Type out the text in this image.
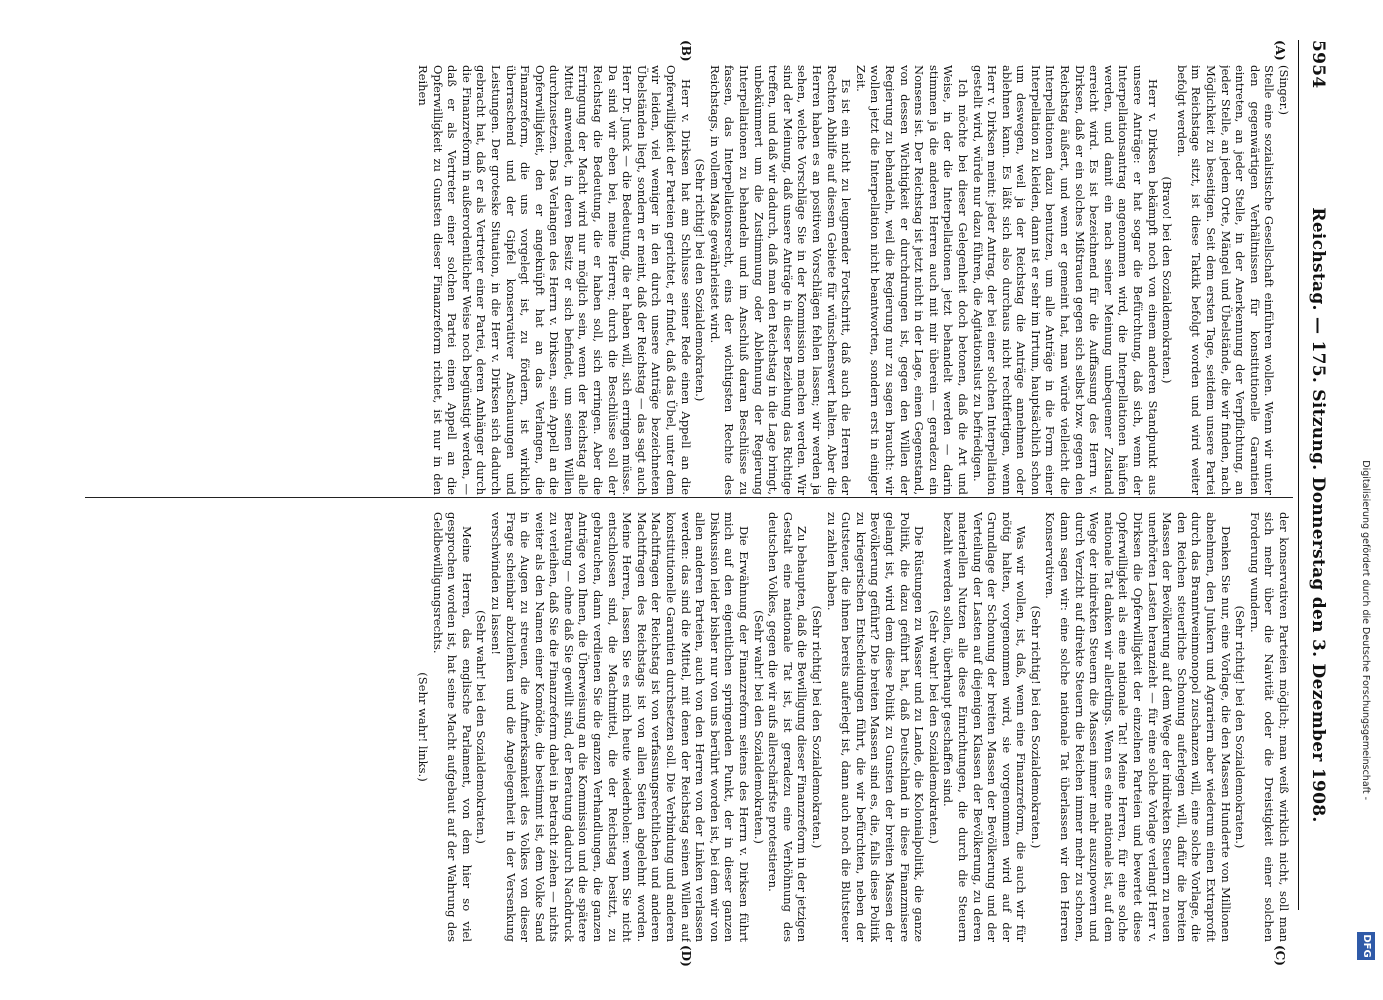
Digitalisierung gefördert durch die Deutsche Forschungsgemeinschaft -
DFG
5954
Reichstag. — 175. Sitzung. Donnerstag den 3. Dezember 1908.
(A)
(B)
(C)
(D)

(Singer.)

Stelle eine sozialistische Gesellschaft einführen wollen. Wenn wir unter den gegenwärtigen Verhältnissen für konstitutionelle Garantien eintreten, an jeder Stelle, in der Anerkennung der Verpflichtung, an jeder Stelle, an jedem Orte, Mängel und Übelstände, die wir finden, nach Möglichkeit zu beseitigen. Seit dem ersten Tage, seitdem unsere Partei im Reichstage sitzt, ist diese Taktik befolgt worden und wird weiter befolgt werden.

(Bravo! bei den Sozialdemokraten.)

Herr v. Dirksen bekämpft noch von einem anderen Standpunkt aus unsere Anträge: er hat sogar die Befürchtung, daß sich, wenn der Interpellationsantrag angenommen wird, die Interpellationen häufen werden, und damit ein nach seiner Meinung unbequemer Zustand erreicht wird. Es ist bezeichnend für die Auffassung des Herrn v. Dirksen, daß er ein solches Mißtrauen gegen sich selbst bzw. gegen den Reichstag äußert, und wenn er gemeint hat, man würde vielleicht die Interpellationen dazu benutzen, um alle Anträge in die Form einer Interpellation zu kleiden, dann ist er sehr im Irrtum, hauptsächlich schon um deswegen, weil ja der Reichstag die Anträge annehmen oder ablehnen kann. Es läßt sich also durchaus nicht rechtfertigen, wenn Herr v. Dirksen meint: jeder Antrag, der bei einer solchen Interpellation gestellt wird, würde nur dazu führen, die Agitationslust zu befriedigen.

Ich möchte bei dieser Gelegenheit doch betonen, daß die Art und Weise, in der die Interpellationen jetzt behandelt werden — darin stimmen ja die anderen Herren auch mit mir überein — geradezu ein Nonsens ist. Der Reichstag ist jetzt nicht in der Lage, einen Gegenstand, von dessen Wichtigkeit er durchdrungen ist, gegen den Willen der Regierung zu behandeln, weil die Regierung nur zu sagen braucht: wir wollen jetzt die Interpellation nicht beantworten, sondern erst in einiger Zeit.

Es ist ein nicht zu leugnender Fortschritt, daß auch die Herren der Rechten Abhilfe auf diesem Gebiete für wünschenswert halten. Aber die Herren haben es an positiven Vorschlägen fehlen lassen; wir werden ja sehen, welche Vorschläge Sie in der Kommission machen werden. Wir sind der Meinung, daß unsere Anträge in dieser Beziehung das Richtige treffen, und daß wir dadurch, daß man den Reichstag in die Lage bringt, unbekümmert um die Zustimmung oder Ablehnung der Regierung Interpellationen zu behandeln und im Anschluß daran Beschlüsse zu fassen, das Interpellationsrecht, eins der wichtigsten Rechte des Reichstags, in vollem Maße gewährleistet wird.

(Sehr richtig! bei den Sozialdemokraten.)

Herr v. Dirksen hat am Schlusse seiner Rede einen Appell an die Opferwilligkeit der Parteien gerichtet, er findet, daß das Übel, unter dem wir leiden, viel weniger in den durch unsere Anträge bezeichneten Übelständen liegt, sondern er meint, daß der Reichstag — das sagt auch Herr Dr. Junck — die Bedeutung, die er haben will, sich erringen müsse. Da sind wir eben bei, meine Herren; durch die Beschlüsse soll der Reichstag die Bedeutung, die er haben soll, sich erringen. Aber die Erringung der Macht wird nur möglich sein, wenn der Reichstag alle Mittel anwendet, in deren Besitz er sich befindet, um seinen Willen durchzusetzen. Das Verlangen des Herrn v. Dirksen, sein Appell an die Opferwilligkeit, den er angeknüpft hat an das Verlangen, die Finanzreform, die uns vorgelegt ist, zu fördern, ist wirklich überraschend und der Gipfel konservativer Anschauungen und Leistungen. Der groteske Situation, in die Herr v. Dirksen sich dadurch gebracht hat, daß er als Vertreter einer Partei, deren Anhänger durch die Finanzreform in außerordentlicher Weise noch begünstigt werden, — daß er als Vertreter einer solchen Partei einen Appell an die Opferwilligkeit zu Gunsten dieser Finanzreform richtet, ist nur in den Reihen

der konservativen Parteien möglich; man weiß wirklich nicht, soll man sich mehr über die Naivität oder die Dreistigkeit einer solchen Forderung wundern.

(Sehr richtig! bei den Sozialdemokraten.)

Denken Sie nur, eine Vorlage, die den Massen Hunderte von Millionen abnehmen, den Junkern und Agrariern aber wiederum einen Extraprofit durch das Branntweinmonopol zuschanzen will, eine solche Vorlage, die den Reichen steuerliche Schonung auferlegen will, dafür die breiten Massen der Bevölkerung auf dem Wege der indirekten Steuern zu neuen unerhörten Lasten heranzieht — für eine solche Vorlage verlangt Herr v. Dirksen die Opferwilligkeit der einzelnen Parteien und bewertet diese Opferwilligkeit als eine nationale Tat! Meine Herren, für eine solche nationale Tat danken wir allerdings. Wenn es eine nationale ist, auf dem Wege der indirekten Steuern die Massen immer mehr auszupowern und durch Verzicht auf direkte Steuern die Reichen immer mehr zu schonen, dann sagen wir: eine solche nationale Tat überlassen wir den Herren Konservativen.

(Sehr richtig! bei den Sozialdemokraten.)

Was wir wollen, ist, daß, wenn eine Finanzreform, die auch wir für nötig halten, vorgenommen wird, sie vorgenommen wird auf der Grundlage der Schonung der breiten Massen der Bevölkerung und der Verteilung der Lasten auf diejenigen Klassen der Bevölkerung, zu deren materiellen Nutzen alle diese Einrichtungen, die durch die Steuern bezahlt werden sollen, überhaupt geschaffen sind.

(Sehr wahr! bei den Sozialdemokraten.)

Die Rüstungen zu Wasser und zu Lande, die Kolonialpolitik, die ganze Politik, die dazu geführt hat, daß Deutschland in diese Finanzmisere gelangt ist, wird dem diese Politik zu Gunsten der breiten Massen der Bevölkerung geführt? Die breiten Massen sind es, die, falls diese Politik zu kriegerischen Entscheidungen führt, die wir befürchten, neben der Gutsteuer, die ihnen bereits auferlegt ist, dann auch noch die Blutsteuer zu zahlen haben.

(Sehr richtig! bei den Sozialdemokraten.)

Zu behaupten, daß die Bewilligung dieser Finanzreform in der jetzigen Gestalt eine nationale Tat ist, ist geradezu eine Verhöhnung des deutschen Volkes, gegen die wir aufs allerschärfste protestieren.

(Sehr wahr! bei den Sozialdemokraten.)

Die Erwähnung der Finanzreform seitens des Herrn v. Dirksen führt mich auf den eigentlichen springenden Punkt, der in dieser ganzen Diskussion leider bisher nur von uns berührt worden ist, bei dem wir von allen anderen Parteien, auch von den Herren von der Linken verlassen werden: das sind die Mittel, mit denen der Reichstag seinen Willen auf konstitutionelle Garantien durchsetzen soll. Die Verbindung und anderen Machtfragen der Reichstag ist von verfassungsrechtlichen und anderen Machtfragen des Reichstags ist von allen Seiten abgelehnt worden. Meine Herren, lassen Sie es mich heute wiederholen: wenn Sie nicht entschlossen sind, die Machtmittel, die der Reichstag besitzt, zu gebrauchen, dann verdienen Sie die ganzen Verhandlungen, die ganzen Anträge von Ihnen, die Überweisung an die Kommission und die spätere Beratung — ohne daß Sie gewillt sind, der Beratung dadurch Nachdruck zu verleihen, daß Sie die Finanzreform dabei in Betracht ziehen — nichts weiter als den Namen einer Komödie, die bestimmt ist, dem Volke Sand in die Augen zu streuen, die Aufmerksamkeit des Volkes von dieser Frage scheinbar abzulenken und die Angelegenheit in der Versenkung verschwinden zu lassen!

(Sehr wahr! bei den Sozialdemokraten.)

Meine Herren, das englische Parlament, von dem hier so viel gesprochen worden ist, hat seine Macht aufgebaut auf der Wahrung des Geldbewilligungsrechts.

(Sehr wahr! links.)
